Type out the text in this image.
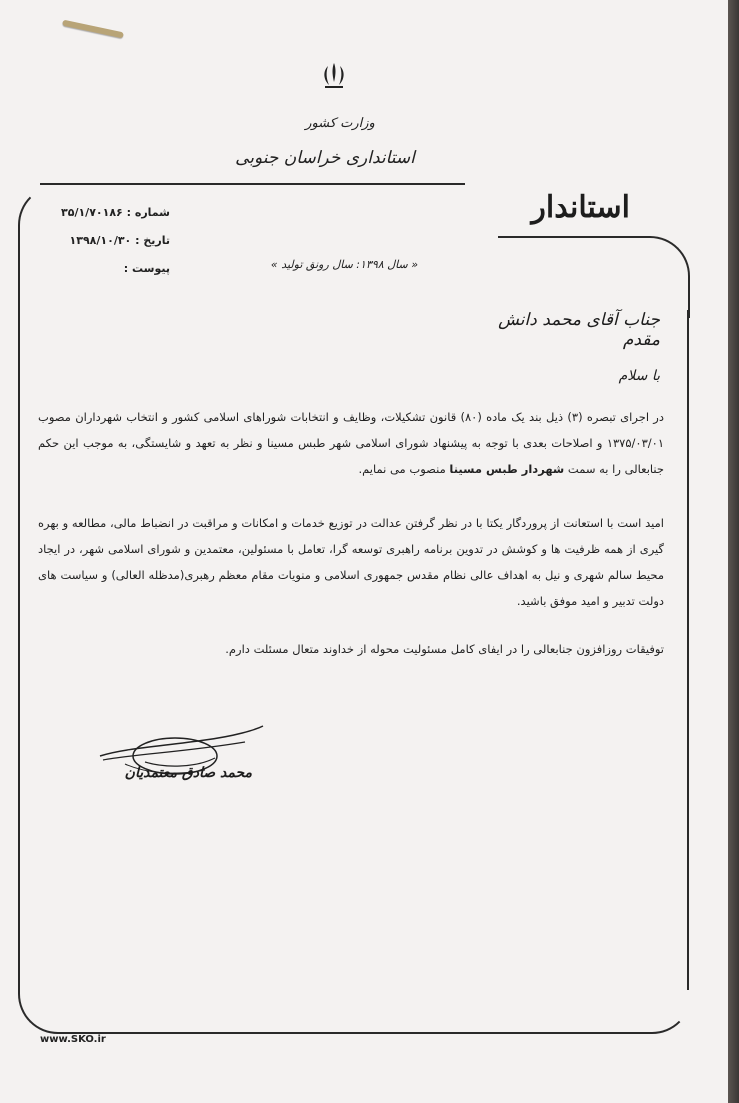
وزارت کشور
استانداری خراسان جنوبی
استاندار
شماره : ۳۵/۱/۷۰۱۸۶
تاریخ : ۱۳۹۸/۱۰/۳۰
پیوست :	« سال ۱۳۹۸: سال رونق تولید »
جناب آقای محمد دانش مقدم
با سلام
در اجرای تبصره (۳) ذیل بند یک ماده (۸۰) قانون تشکیلات، وظایف و انتخابات شوراهای اسلامی کشور و انتخاب شهرداران مصوب ۱۳۷۵/۰۳/۰۱ و اصلاحات بعدی با توجه به پیشنهاد شورای اسلامی شهر طبس مسینا و نظر به تعهد و شایستگی، به موجب این حکم جنابعالی را به سمت شهردار طبس مسینا منصوب می نمایم.
امید است با استعانت از پروردگار یکتا با در نظر گرفتن عدالت در توزیع خدمات و امکانات و مراقبت در انضباط مالی، مطالعه و بهره گیری از همه ظرفیت ها و کوشش در تدوین برنامه راهبری توسعه گرا، تعامل با مسئولین، معتمدین و شورای اسلامی شهر، در ایجاد محیط سالم شهری و نیل به اهداف عالی نظام مقدس جمهوری اسلامی و منویات مقام معظم رهبری(مدظله العالی) و سیاست های دولت تدبیر و امید موفق باشید.
توفیقات روزافزون جنابعالی را در ایفای کامل مسئولیت محوله از خداوند متعال مسئلت دارم.
محمد صادق معتمدیان
www.SKO.ir
